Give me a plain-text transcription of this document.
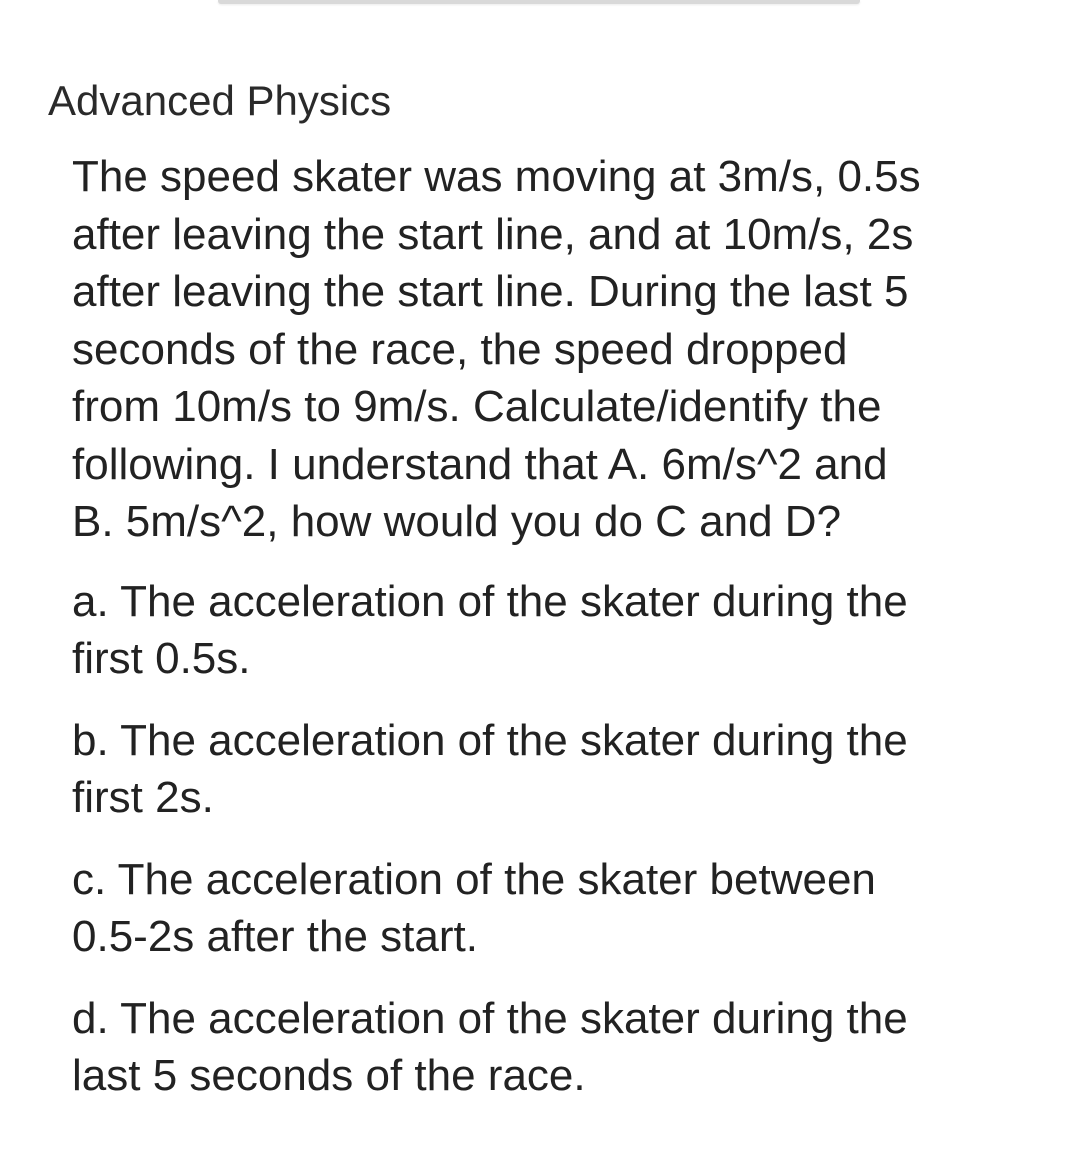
Advanced Physics

The speed skater was moving at 3m/s, 0.5s
after leaving the start line, and at 10m/s, 2s
after leaving the start line. During the last 5
seconds of the race, the speed dropped
from 10m/s to 9m/s. Calculate/identify the
following. I understand that A. 6m/s^2 and
B. 5m/s^2, how would you do C and D?

a. The acceleration of the skater during the
first 0.5s.

b. The acceleration of the skater during the
first 2s.

c. The acceleration of the skater between
0.5-2s after the start.

d. The acceleration of the skater during the
last 5 seconds of the race.
